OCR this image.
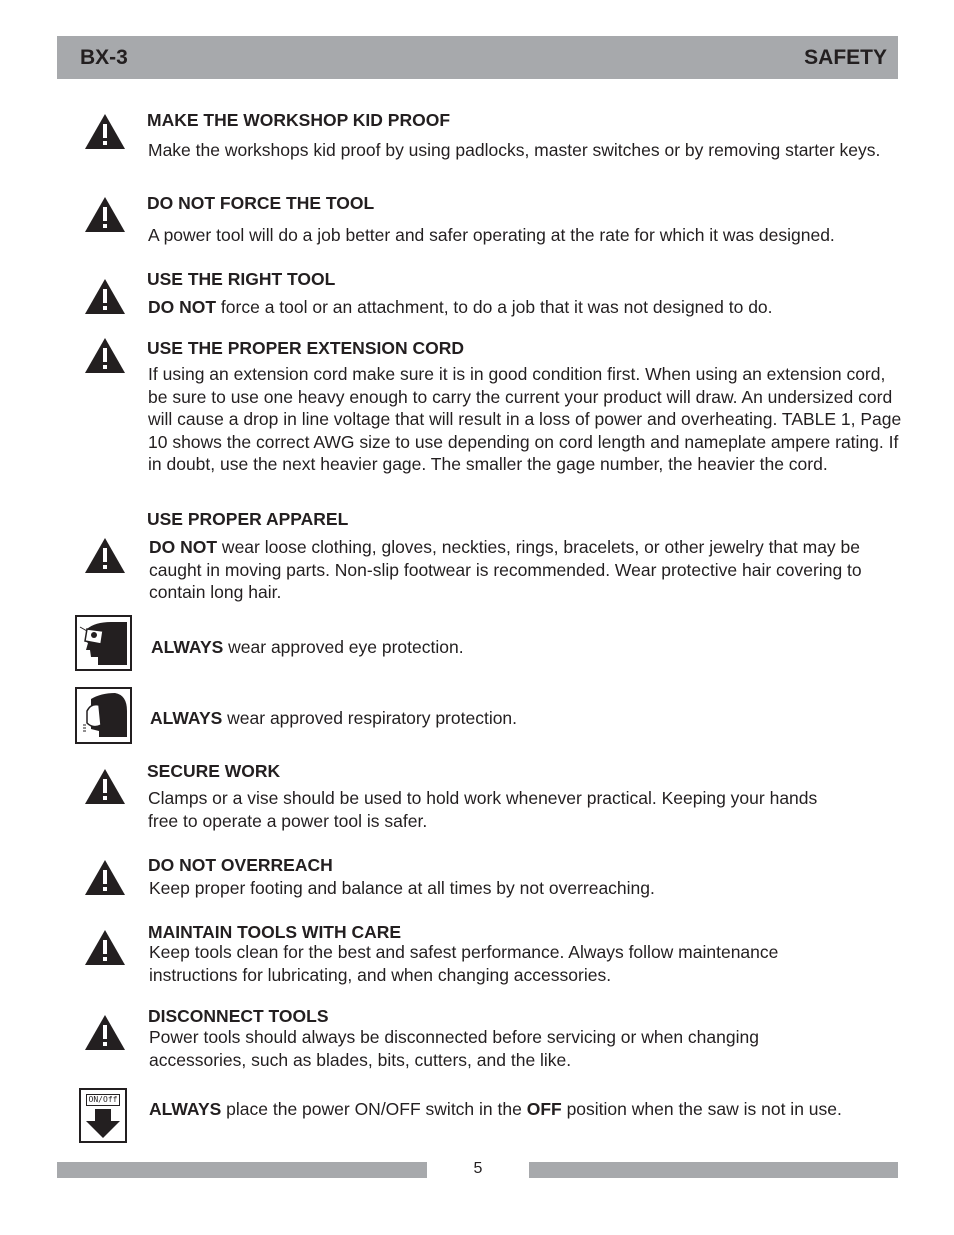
BX-3	SAFETY
MAKE THE WORKSHOP KID PROOF
Make the workshops kid proof by using padlocks, master switches or by removing starter keys.
DO NOT FORCE THE TOOL
A power tool will do a job better and safer operating at the rate for which it was designed.
USE THE RIGHT TOOL
DO NOT force a tool or an attachment, to do a job that it was not designed to do.
USE THE PROPER EXTENSION CORD
If using an extension cord make sure it is in good condition first. When using an extension cord, be sure to use one heavy enough to carry the current your product will draw. An undersized cord will cause a drop in line voltage that will result in a loss of power and overheating. TABLE 1, Page 10 shows the correct AWG size to use depending on cord length and nameplate ampere rating. If in doubt, use the next heavier gage. The smaller the gage number, the heavier the cord.
USE PROPER APPAREL
DO NOT wear loose clothing, gloves, neckties, rings, bracelets, or other jewelry that may be caught in moving parts. Non-slip footwear is recommended. Wear protective hair covering to contain long hair.
ALWAYS wear approved eye protection.
ALWAYS wear approved respiratory protection.
SECURE WORK
Clamps or a vise should be used to hold work whenever practical. Keeping your hands free to operate a power tool is safer.
DO NOT OVERREACH
Keep proper footing and balance at all times by not overreaching.
MAINTAIN TOOLS WITH CARE
Keep tools clean for the best and safest performance. Always follow maintenance instructions for lubricating, and when changing accessories.
DISCONNECT TOOLS
Power tools should always be disconnected before servicing or when changing accessories, such as blades, bits, cutters, and the like.
ON/Off ALWAYS place the power ON/OFF switch in the OFF position when the saw is not in use.
5
